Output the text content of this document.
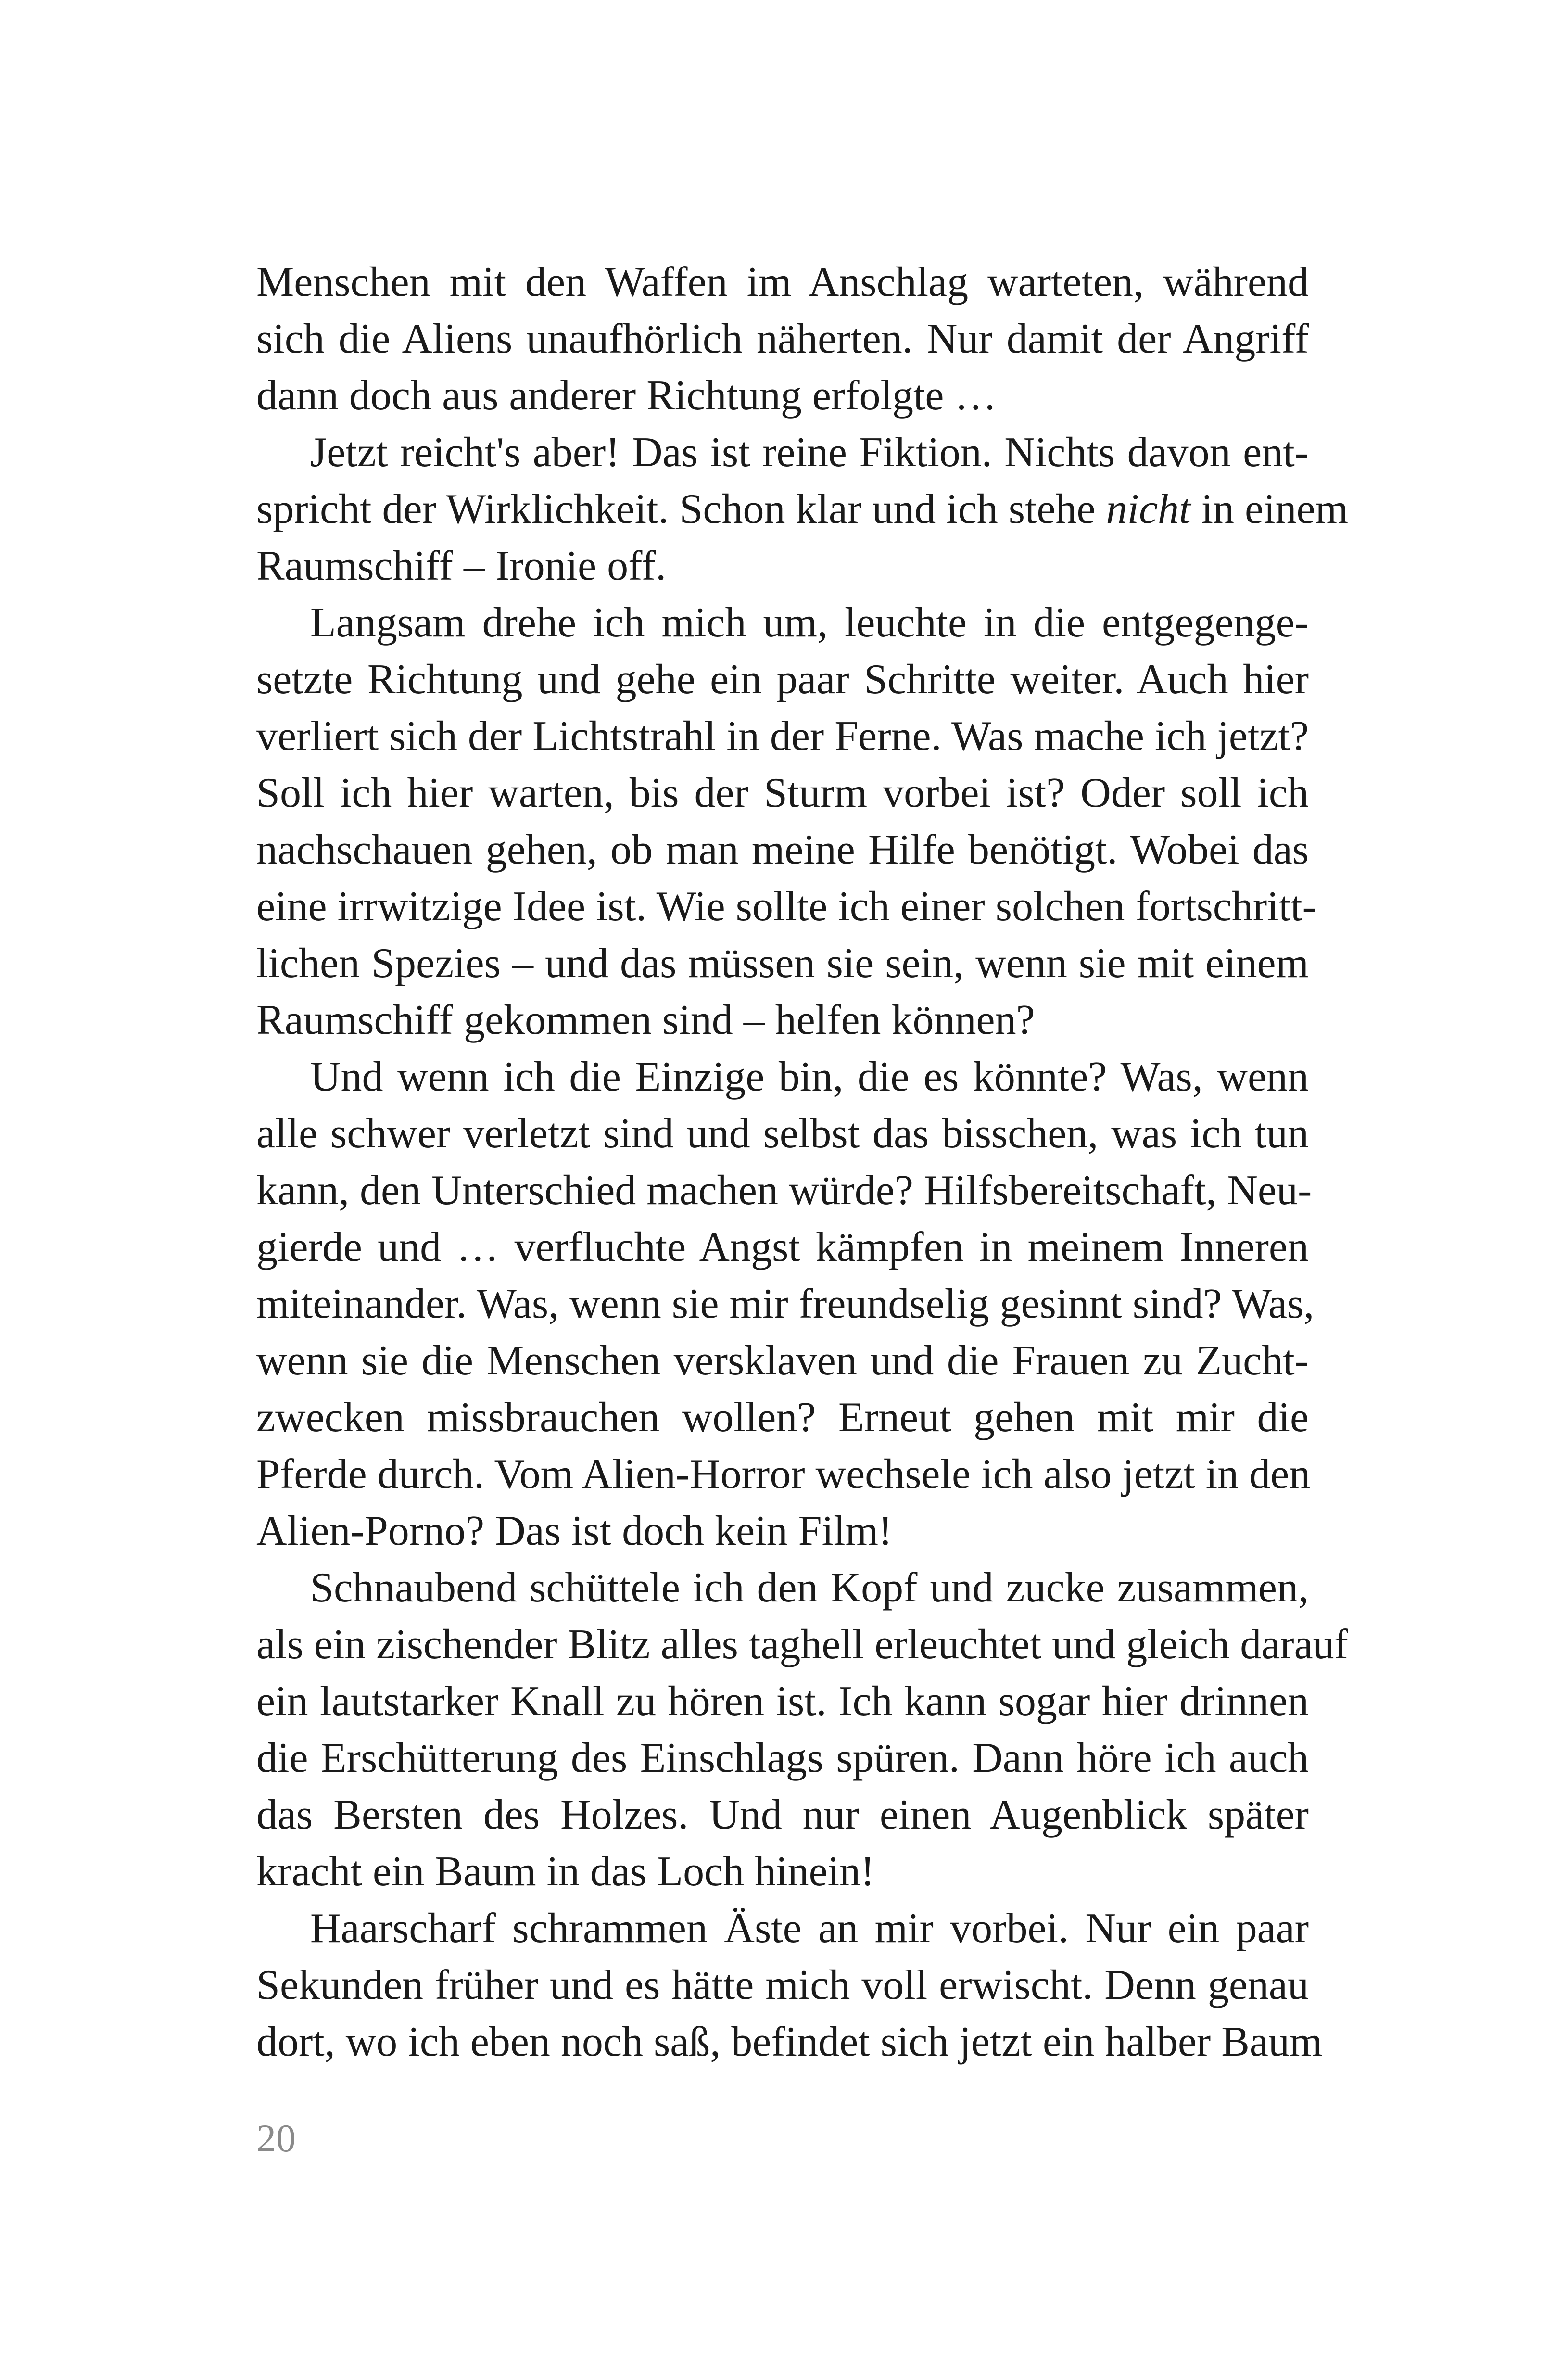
Menschen mit den Waffen im Anschlag warteten, während
sich die Aliens unaufhörlich näherten. Nur damit der Angriff
dann doch aus anderer Richtung erfolgte …
Jetzt reicht's aber! Das ist reine Fiktion. Nichts davon ent-
spricht der Wirklichkeit. Schon klar und ich stehe nicht in einem
Raumschiff – Ironie off.
Langsam drehe ich mich um, leuchte in die entgegenge-
setzte Richtung und gehe ein paar Schritte weiter. Auch hier
verliert sich der Lichtstrahl in der Ferne. Was mache ich jetzt?
Soll ich hier warten, bis der Sturm vorbei ist? Oder soll ich
nachschauen gehen, ob man meine Hilfe benötigt. Wobei das
eine irrwitzige Idee ist. Wie sollte ich einer solchen fortschritt-
lichen Spezies – und das müssen sie sein, wenn sie mit einem
Raumschiff gekommen sind – helfen können?
Und wenn ich die Einzige bin, die es könnte? Was, wenn
alle schwer verletzt sind und selbst das bisschen, was ich tun
kann, den Unterschied machen würde? Hilfsbereitschaft, Neu-
gierde und … verfluchte Angst kämpfen in meinem Inneren
miteinander. Was, wenn sie mir freundselig gesinnt sind? Was,
wenn sie die Menschen versklaven und die Frauen zu Zucht-
zwecken missbrauchen wollen? Erneut gehen mit mir die
Pferde durch. Vom Alien-Horror wechsele ich also jetzt in den
Alien-Porno? Das ist doch kein Film!
Schnaubend schüttele ich den Kopf und zucke zusammen,
als ein zischender Blitz alles taghell erleuchtet und gleich darauf
ein lautstarker Knall zu hören ist. Ich kann sogar hier drinnen
die Erschütterung des Einschlags spüren. Dann höre ich auch
das Bersten des Holzes. Und nur einen Augenblick später
kracht ein Baum in das Loch hinein!
Haarscharf schrammen Äste an mir vorbei. Nur ein paar
Sekunden früher und es hätte mich voll erwischt. Denn genau
dort, wo ich eben noch saß, befindet sich jetzt ein halber Baum
20
